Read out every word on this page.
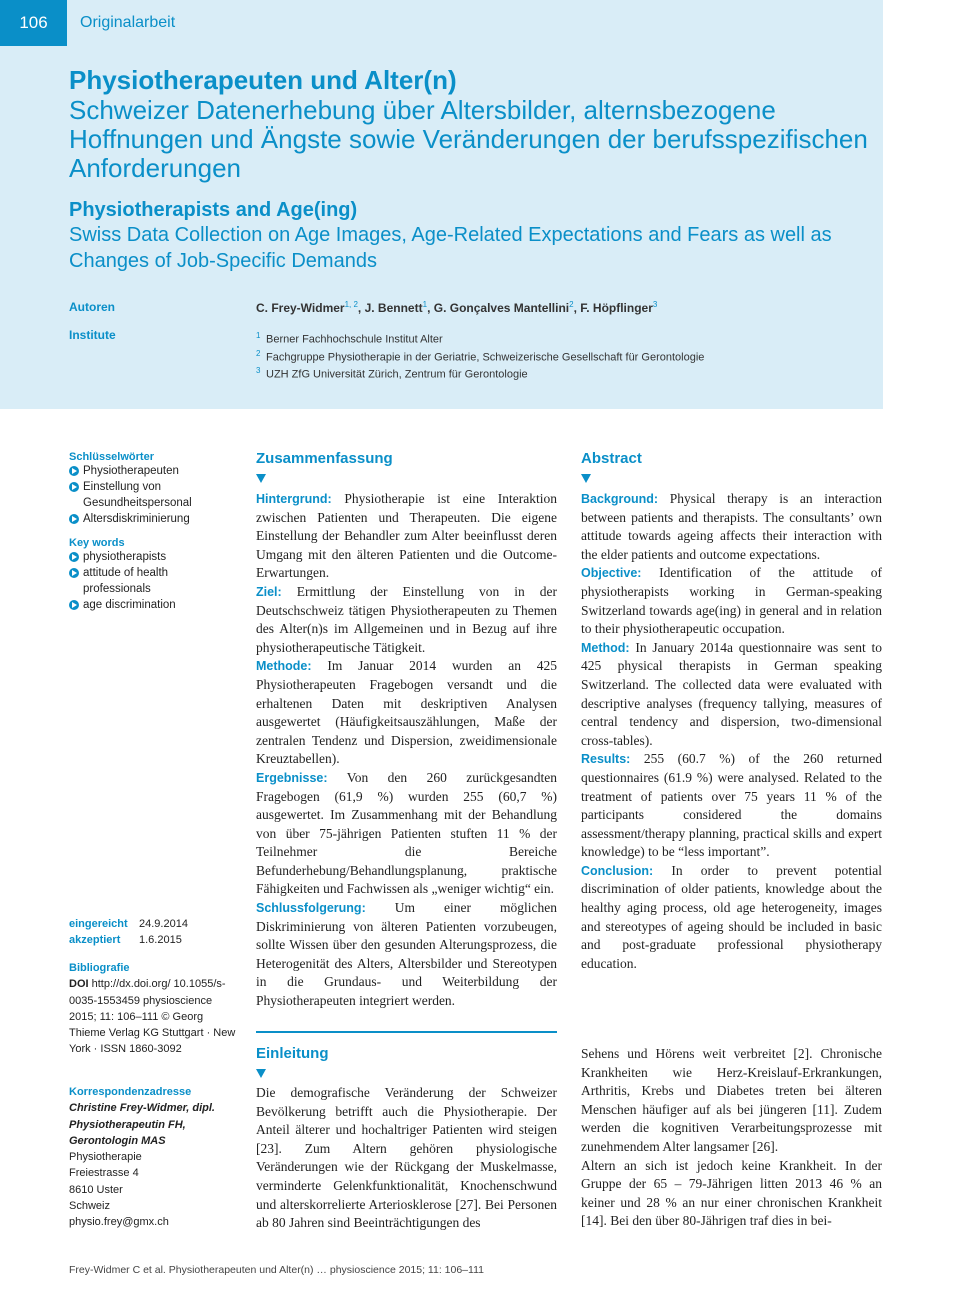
106	Originalarbeit
Physiotherapeuten und Alter(n)
Schweizer Datenerhebung über Altersbilder, alternsbezogene Hoffnungen und Ängste sowie Veränderungen der berufsspezifischen Anforderungen
Physiotherapists and Age(ing)
Swiss Data Collection on Age Images, Age-Related Expectations and Fears as well as Changes of Job-Specific Demands
Autoren	C. Frey-Widmer$^{1, 2}$, J. Bennett$^1$, G. Gonçalves Mantellini$^2$, F. Höpflinger$^3$
Institute	$^1$ Berner Fachhochschule Institut Alter
$^2$ Fachgruppe Physiotherapie in der Geriatrie, Schweizerische Gesellschaft für Gerontologie
$^3$ UZH ZfG Universität Zürich, Zentrum für Gerontologie
Schlüsselwörter
Physiotherapeuten
Einstellung von Gesundheitspersonal
Altersdiskriminierung
Key words
physiotherapists
attitude of health professionals
age discrimination
eingereicht 24.9.2014
akzeptiert 1.6.2015
Bibliografie
DOI http://dx.doi.org/ 10.1055/s-0035-1553459 physioscience 2015; 11: 106–111 © Georg Thieme Verlag KG Stuttgart · New York · ISSN 1860-3092
Korrespondenzadresse
Christine Frey-Widmer, dipl. Physiotherapeutin FH, Gerontologin MAS
Physiotherapie
Freiestrasse 4
8610 Uster
Schweiz
physio.frey@gmx.ch
Zusammenfassung

Hintergrund: Physiotherapie ist eine Interaktion zwischen Patienten und Therapeuten. Die eigene Einstellung der Behandler zum Alter beeinflusst deren Umgang mit den älteren Patienten und die Outcome-Erwartungen.

Ziel: Ermittlung der Einstellung von in der Deutschschweiz tätigen Physiotherapeuten zu Themen des Alter(n)s im Allgemeinen und in Bezug auf ihre physiotherapeutische Tätigkeit.

Methode: Im Januar 2014 wurden an 425 Physiotherapeuten Fragebogen versandt und die erhaltenen Daten mit deskriptiven Analysen ausgewertet (Häufigkeitsauszählungen, Maße der zentralen Tendenz und Dispersion, zweidimensionale Kreuztabellen).

Ergebnisse: Von den 260 zurückgesandten Fragebogen (61,9 %) wurden 255 (60,7 %) ausgewertet. Im Zusammenhang mit der Behandlung von über 75-jährigen Patienten stuften 11 % der Teilnehmer die Bereiche Befunderhebung/Behandlungsplanung, praktische Fähigkeiten und Fachwissen als „weniger wichtig“ ein.

Schlussfolgerung: Um einer möglichen Diskriminierung von älteren Patienten vorzubeugen, sollte Wissen über den gesunden Alterungsprozess, die Heterogenität des Alters, Altersbilder und Stereotypen in die Grundaus- und Weiterbildung der Physiotherapeuten integriert werden.

Abstract

Background: Physical therapy is an interaction between patients and therapists. The consultants’ own attitude towards ageing affects their interaction with the elder patients and outcome expectations.

Objective: Identification of the attitude of physiotherapists working in German-speaking Switzerland towards age(ing) in general and in relation to their physiotherapeutic occupation.

Method: In January 2014a questionnaire was sent to 425 physical therapists in German speaking Switzerland. The collected data were evaluated with descriptive analyses (frequency tallying, measures of central tendency and dispersion, two-dimensional cross-tables).

Results: 255 (60.7 %) of the 260 returned questionnaires (61.9 %) were analysed. Related to the treatment of patients over 75 years 11 % of the participants considered the domains assessment/therapy planning, practical skills and expert knowledge) to be “less important”.

Conclusion: In order to prevent potential discrimination of older patients, knowledge about the healthy aging process, old age heterogeneity, images and stereotypes of ageing should be included in basic and post-graduate professional physiotherapy education.

Einleitung

Die demografische Veränderung der Schweizer Bevölkerung betrifft auch die Physiotherapie. Der Anteil älterer und hochaltriger Patienten wird steigen [23]. Zum Altern gehören physiologische Veränderungen wie der Rückgang der Muskelmasse, verminderte Gelenkfunktionalität, Knochenschwund und alterskorrelierte Arteriosklerose [27]. Bei Personen ab 80 Jahren sind Beeinträchtigungen des

Sehens und Hörens weit verbreitet [2]. Chronische Krankheiten wie Herz-Kreislauf-Erkrankungen, Arthritis, Krebs und Diabetes treten bei älteren Menschen häufiger auf als bei jüngeren [11]. Zudem werden die kognitiven Verarbeitungsprozesse mit zunehmendem Alter langsamer [26].

Altern an sich ist jedoch keine Krankheit. In der Gruppe der 65 – 79-Jährigen litten 2013 46 % an keiner und 28 % an nur einer chronischen Krankheit [14]. Bei den über 80-Jährigen traf dies in bei-

Frey-Widmer C et al. Physiotherapeuten und Alter(n) … physioscience 2015; 11: 106–111
